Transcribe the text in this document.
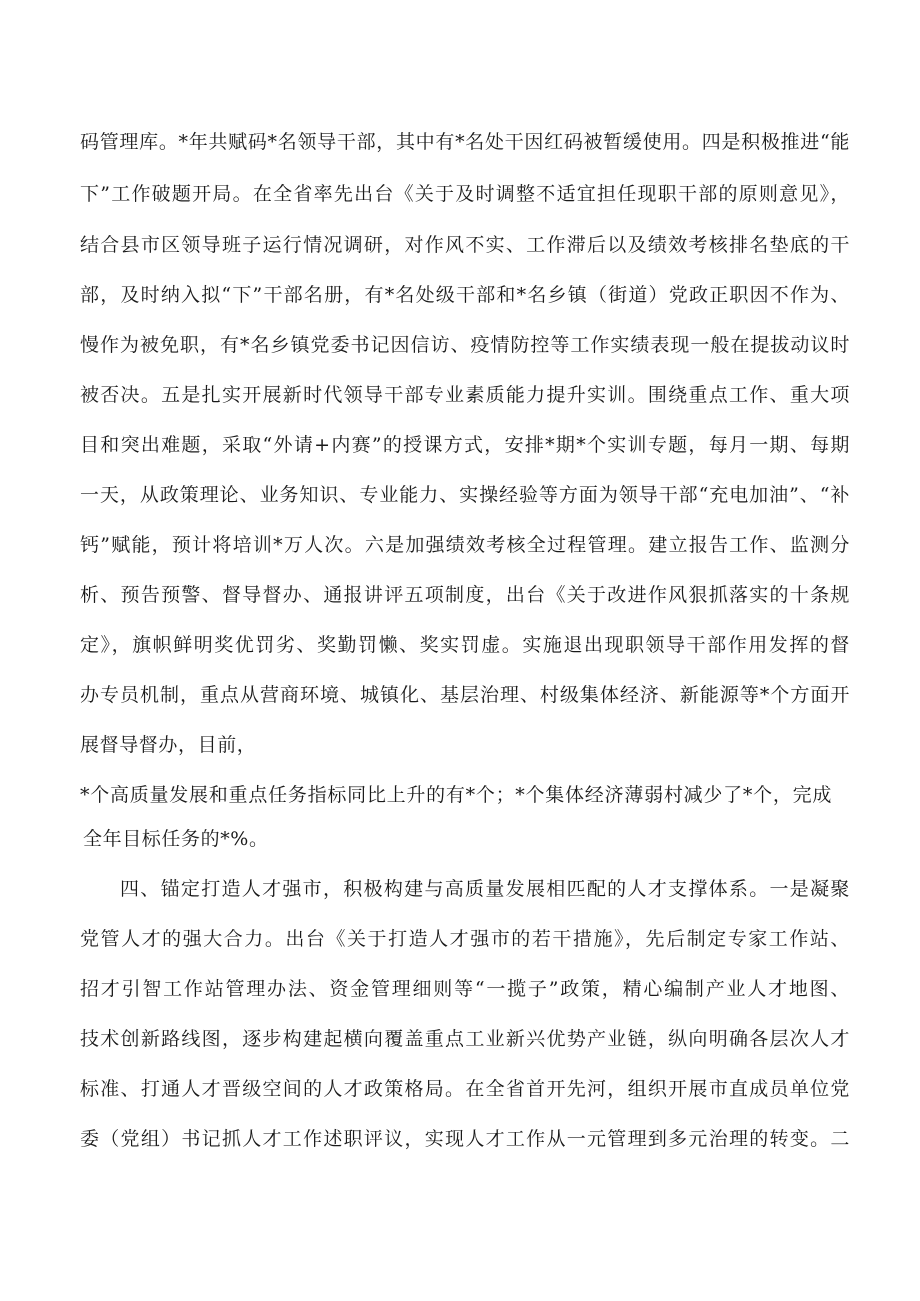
码管理库。*年共赋码*名领导干部，其中有*名处干因红码被暂缓使用。四是积极推进“能
下”工作破题开局。在全省率先出台《关于及时调整不适宜担任现职干部的原则意见》，
结合县市区领导班子运行情况调研，对作风不实、工作滞后以及绩效考核排名垫底的干
部，及时纳入拟“下”干部名册，有*名处级干部和*名乡镇（街道）党政正职因不作为、
慢作为被免职，有*名乡镇党委书记因信访、疫情防控等工作实绩表现一般在提拔动议时
被否决。五是扎实开展新时代领导干部专业素质能力提升实训。围绕重点工作、重大项
目和突出难题，采取“外请+内赛”的授课方式，安排*期*个实训专题，每月一期、每期
一天，从政策理论、业务知识、专业能力、实操经验等方面为领导干部“充电加油”、“补
钙”赋能，预计将培训*万人次。六是加强绩效考核全过程管理。建立报告工作、监测分
析、预告预警、督导督办、通报讲评五项制度，出台《关于改进作风狠抓落实的十条规
定》，旗帜鲜明奖优罚劣、奖勤罚懒、奖实罚虚。实施退出现职领导干部作用发挥的督
办专员机制，重点从营商环境、城镇化、基层治理、村级集体经济、新能源等*个方面开
展督导督办，目前，
*个高质量发展和重点任务指标同比上升的有*个；*个集体经济薄弱村减少了*个，完成
全年目标任务的*%。
四、锚定打造人才强市，积极构建与高质量发展相匹配的人才支撑体系。一是凝聚
党管人才的强大合力。出台《关于打造人才强市的若干措施》，先后制定专家工作站、
招才引智工作站管理办法、资金管理细则等“一揽子”政策，精心编制产业人才地图、
技术创新路线图，逐步构建起横向覆盖重点工业新兴优势产业链，纵向明确各层次人才
标准、打通人才晋级空间的人才政策格局。在全省首开先河，组织开展市直成员单位党
委（党组）书记抓人才工作述职评议，实现人才工作从一元管理到多元治理的转变。二
